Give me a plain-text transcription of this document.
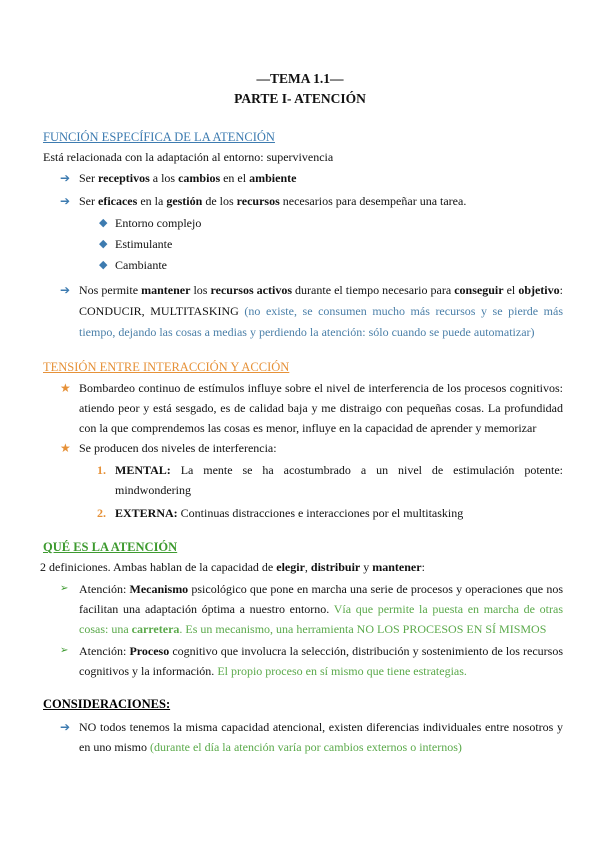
—TEMA 1.1—
PARTE I- ATENCIÓN
FUNCIÓN ESPECÍFICA DE LA ATENCIÓN
Está relacionada con la adaptación al entorno: supervivencia
➔ Ser receptivos a los cambios en el ambiente
➔ Ser eficaces en la gestión de los recursos necesarios para desempeñar una tarea.
◆ Entorno complejo
◆ Estimulante
◆ Cambiante
➔ Nos permite mantener los recursos activos durante el tiempo necesario para conseguir el objetivo: CONDUCIR, MULTITASKING (no existe, se consumen mucho más recursos y se pierde más tiempo, dejando las cosas a medias y perdiendo la atención: sólo cuando se puede automatizar)
TENSIÓN ENTRE INTERACCIÓN Y ACCIÓN
★ Bombardeo continuo de estímulos influye sobre el nivel de interferencia de los procesos cognitivos: atiendo peor y está sesgado, es de calidad baja y me distraigo con pequeñas cosas. La profundidad con la que comprendemos las cosas es menor, influye en la capacidad de aprender y memorizar
★ Se producen dos niveles de interferencia:
1. MENTAL: La mente se ha acostumbrado a un nivel de estimulación potente: mindwondering
2. EXTERNA: Continuas distracciones e interacciones por el multitasking
QUÉ ES LA ATENCIÓN
2 definiciones. Ambas hablan de la capacidad de elegir, distribuir y mantener:
➢ Atención: Mecanismo psicológico que pone en marcha una serie de procesos y operaciones que nos facilitan una adaptación óptima a nuestro entorno. Vía que permite la puesta en marcha de otras cosas: una carretera. Es un mecanismo, una herramienta NO LOS PROCESOS EN SÍ MISMOS
➢ Atención: Proceso cognitivo que involucra la selección, distribución y sostenimiento de los recursos cognitivos y la información. El propio proceso en sí mismo que tiene estrategias.
CONSIDERACIONES:
➔ NO todos tenemos la misma capacidad atencional, existen diferencias individuales entre nosotros y en uno mismo (durante el día la atención varía por cambios externos o internos)
